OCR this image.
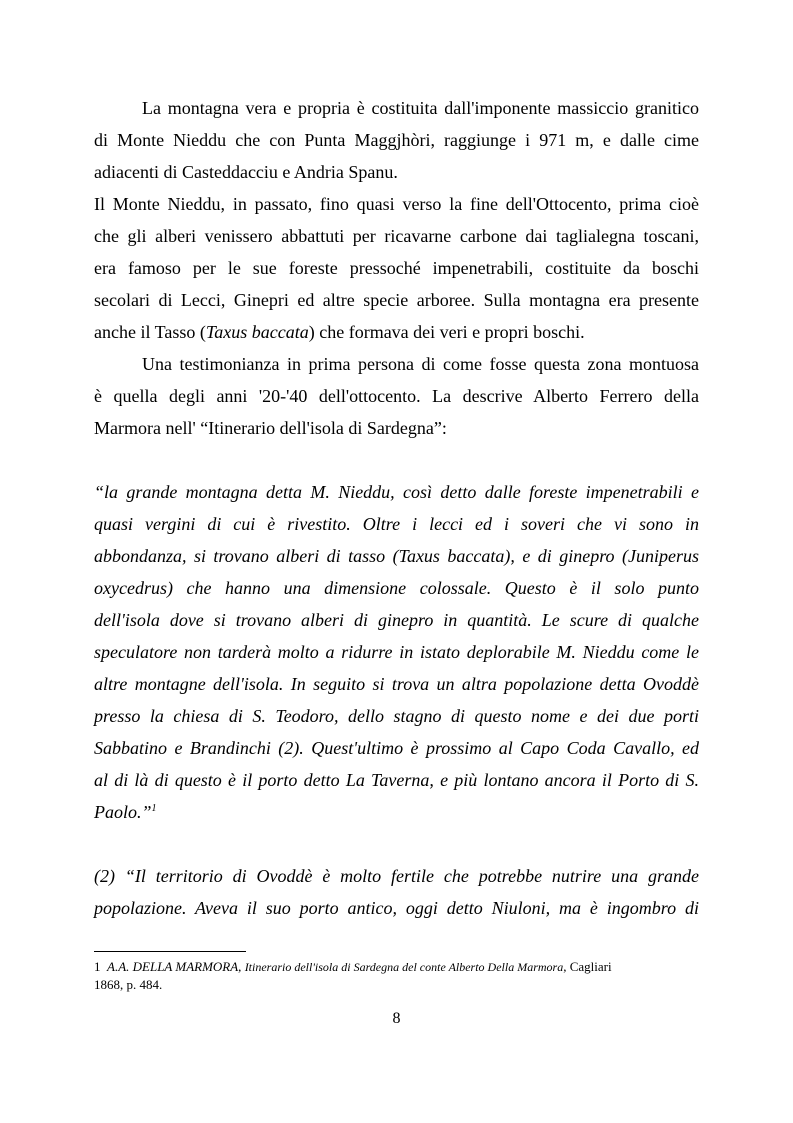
La montagna vera e propria è costituita dall'imponente massiccio granitico
di Monte Nieddu che con Punta Maggjhòri, raggiunge i 971 m, e dalle cime
adiacenti di Casteddacciu e Andria Spanu.
Il Monte Nieddu, in passato, fino quasi verso la fine dell'Ottocento, prima cioè
che gli alberi venissero abbattuti per ricavarne carbone dai taglialegna toscani,
era famoso per le sue foreste pressoché impenetrabili, costituite da boschi
secolari di Lecci, Ginepri ed altre specie arboree. Sulla montagna era presente
anche il Tasso (Taxus baccata) che formava dei veri e propri boschi.
Una testimonianza in prima persona di come fosse questa zona montuosa
è quella degli anni '20-'40 dell'ottocento. La descrive Alberto Ferrero della
Marmora nell' “Itinerario dell'isola di Sardegna”:
“la grande montagna detta M. Nieddu, così detto dalle foreste impenetrabili e
quasi vergini di cui è rivestito. Oltre i lecci ed i soveri che vi sono in
abbondanza, si trovano alberi di tasso (Taxus baccata), e di ginepro (Juniperus
oxycedrus) che hanno una dimensione colossale. Questo è il solo punto
dell'isola dove si trovano alberi di ginepro in quantità. Le scure di qualche
speculatore non tarderà molto a ridurre in istato deplorabile M. Nieddu come le
altre montagne dell'isola. In seguito si trova un altra popolazione detta Ovoddè
presso la chiesa di S. Teodoro, dello stagno di questo nome e dei due porti
Sabbatino e Brandinchi (2). Quest'ultimo è prossimo al Capo Coda Cavallo, ed
al di là di questo è il porto detto La Taverna, e più lontano ancora il Porto di S.
Paolo.”$^1$
(2) “Il territorio di Ovoddè è molto fertile che potrebbe nutrire una grande
popolazione. Aveva il suo porto antico, oggi detto Niuloni, ma è ingombro di
1 A.A. DELLA MARMORA, Itinerario dell'isola di Sardegna del conte Alberto Della Marmora, Cagliari
1868, p. 484.
8
